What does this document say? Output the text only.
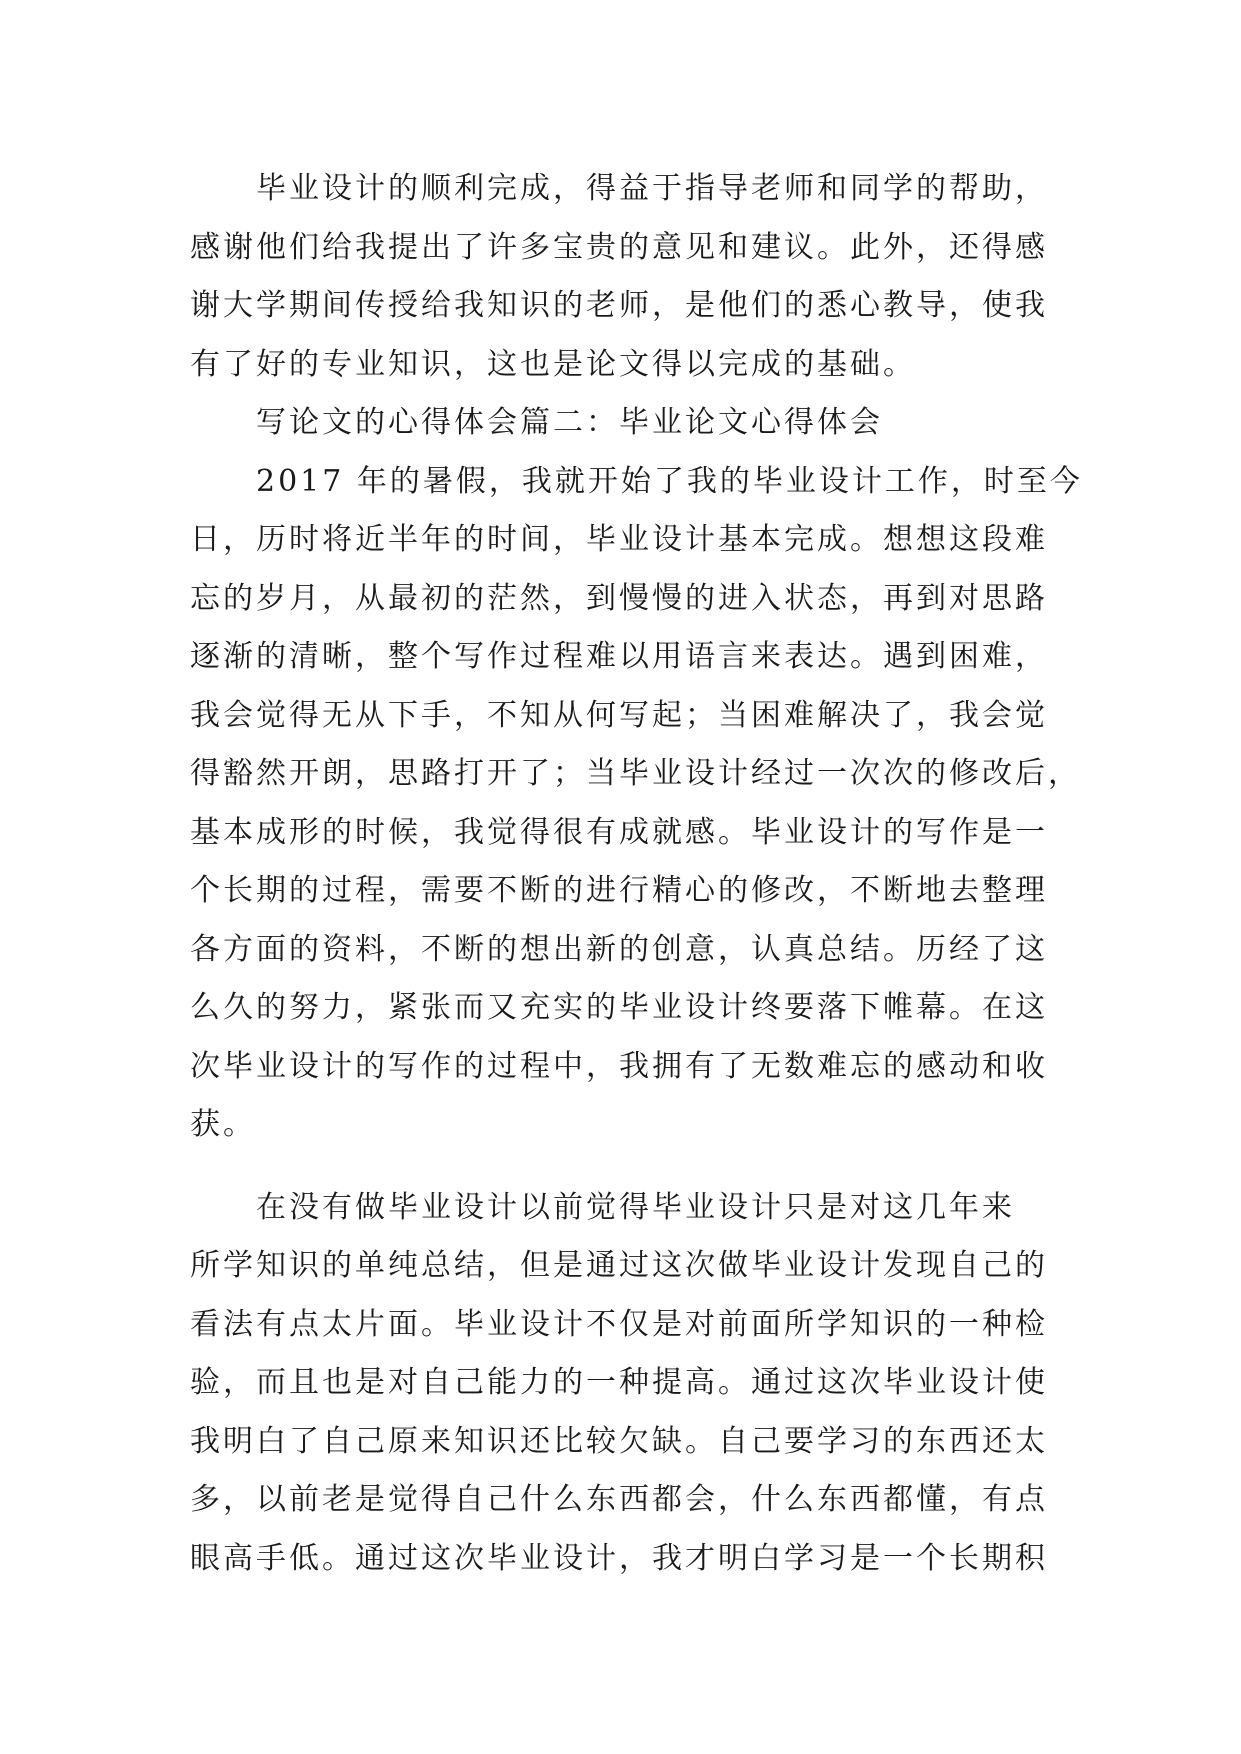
毕业设计的顺利完成，得益于指导老师和同学的帮助，
感谢他们给我提出了许多宝贵的意见和建议。此外，还得感
谢大学期间传授给我知识的老师，是他们的悉心教导，使我
有了好的专业知识，这也是论文得以完成的基础。
写论文的心得体会篇二：毕业论文心得体会
2017 年的暑假，我就开始了我的毕业设计工作，时至今
日，历时将近半年的时间，毕业设计基本完成。想想这段难
忘的岁月，从最初的茫然，到慢慢的进入状态，再到对思路
逐渐的清晰，整个写作过程难以用语言来表达。遇到困难，
我会觉得无从下手，不知从何写起；当困难解决了，我会觉
得豁然开朗，思路打开了；当毕业设计经过一次次的修改后，
基本成形的时候，我觉得很有成就感。毕业设计的写作是一
个长期的过程，需要不断的进行精心的修改，不断地去整理
各方面的资料，不断的想出新的创意，认真总结。历经了这
么久的努力，紧张而又充实的毕业设计终要落下帷幕。在这
次毕业设计的写作的过程中，我拥有了无数难忘的感动和收
获。
在没有做毕业设计以前觉得毕业设计只是对这几年来
所学知识的单纯总结，但是通过这次做毕业设计发现自己的
看法有点太片面。毕业设计不仅是对前面所学知识的一种检
验，而且也是对自己能力的一种提高。通过这次毕业设计使
我明白了自己原来知识还比较欠缺。自己要学习的东西还太
多，以前老是觉得自己什么东西都会，什么东西都懂，有点
眼高手低。通过这次毕业设计，我才明白学习是一个长期积
